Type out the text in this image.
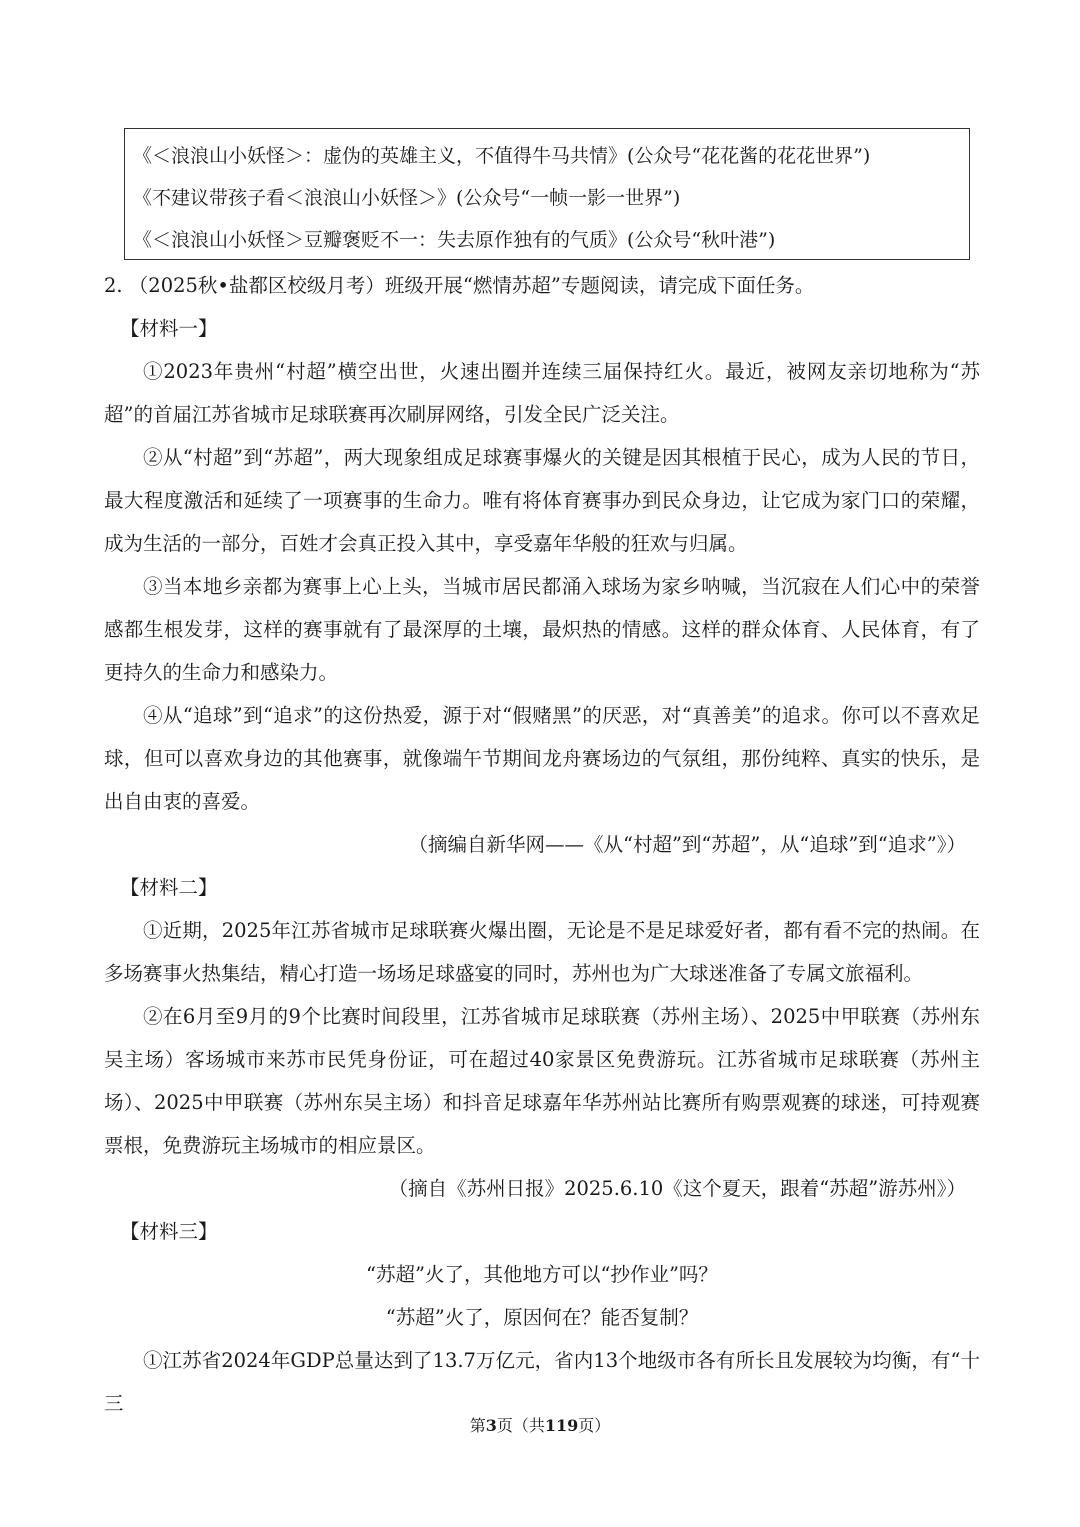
《＜浪浪山小妖怪＞：虚伪的英雄主义，不值得牛马共情》(公众号“花花酱的花花世界”)

《不建议带孩子看＜浪浪山小妖怪＞》(公众号“一帧一影一世界”)

《＜浪浪山小妖怪＞豆瓣褒贬不一：失去原作独有的气质》(公众号“秋叶港”)

2. （2025秋•盐都区校级月考）班级开展“燃情苏超”专题阅读，请完成下面任务。

【材料一】

①2023年贵州“村超”横空出世，火速出圈并连续三届保持红火。最近，被网友亲切地称为“苏超”的首届江苏省城市足球联赛再次刷屏网络，引发全民广泛关注。

②从“村超”到“苏超”，两大现象组成足球赛事爆火的关键是因其根植于民心，成为人民的节日，最大程度激活和延续了一项赛事的生命力。唯有将体育赛事办到民众身边，让它成为家门口的荣耀，成为生活的一部分，百姓才会真正投入其中，享受嘉年华般的狂欢与归属。

③当本地乡亲都为赛事上心上头，当城市居民都涌入球场为家乡呐喊，当沉寂在人们心中的荣誉感都生根发芽，这样的赛事就有了最深厚的土壤，最炽热的情感。这样的群众体育、人民体育，有了更持久的生命力和感染力。

④从“追球”到“追求”的这份热爱，源于对“假赌黑”的厌恶，对“真善美”的追求。你可以不喜欢足球，但可以喜欢身边的其他赛事，就像端午节期间龙舟赛场边的气氛组，那份纯粹、真实的快乐，是出自由衷的喜爱。

（摘编自新华网——《从“村超”到“苏超”，从“追球”到“追求”》）

【材料二】

①近期，2025年江苏省城市足球联赛火爆出圈，无论是不是足球爱好者，都有看不完的热闹。在多场赛事火热集结，精心打造一场场足球盛宴的同时，苏州也为广大球迷准备了专属文旅福利。

②在6月至9月的9个比赛时间段里，江苏省城市足球联赛（苏州主场）、2025中甲联赛（苏州东吴主场）客场城市来苏市民凭身份证，可在超过40家景区免费游玩。江苏省城市足球联赛（苏州主场）、2025中甲联赛（苏州东吴主场）和抖音足球嘉年华苏州站比赛所有购票观赛的球迷，可持观赛票根，免费游玩主场城市的相应景区。

（摘自《苏州日报》2025.6.10《这个夏天，跟着“苏超”游苏州》）

【材料三】

“苏超”火了，其他地方可以“抄作业”吗？

“苏超”火了，原因何在？能否复制？

①江苏省2024年GDP总量达到了13.7万亿元，省内13个地级市各有所长且发展较为均衡，有“十三

第3页（共119页）
